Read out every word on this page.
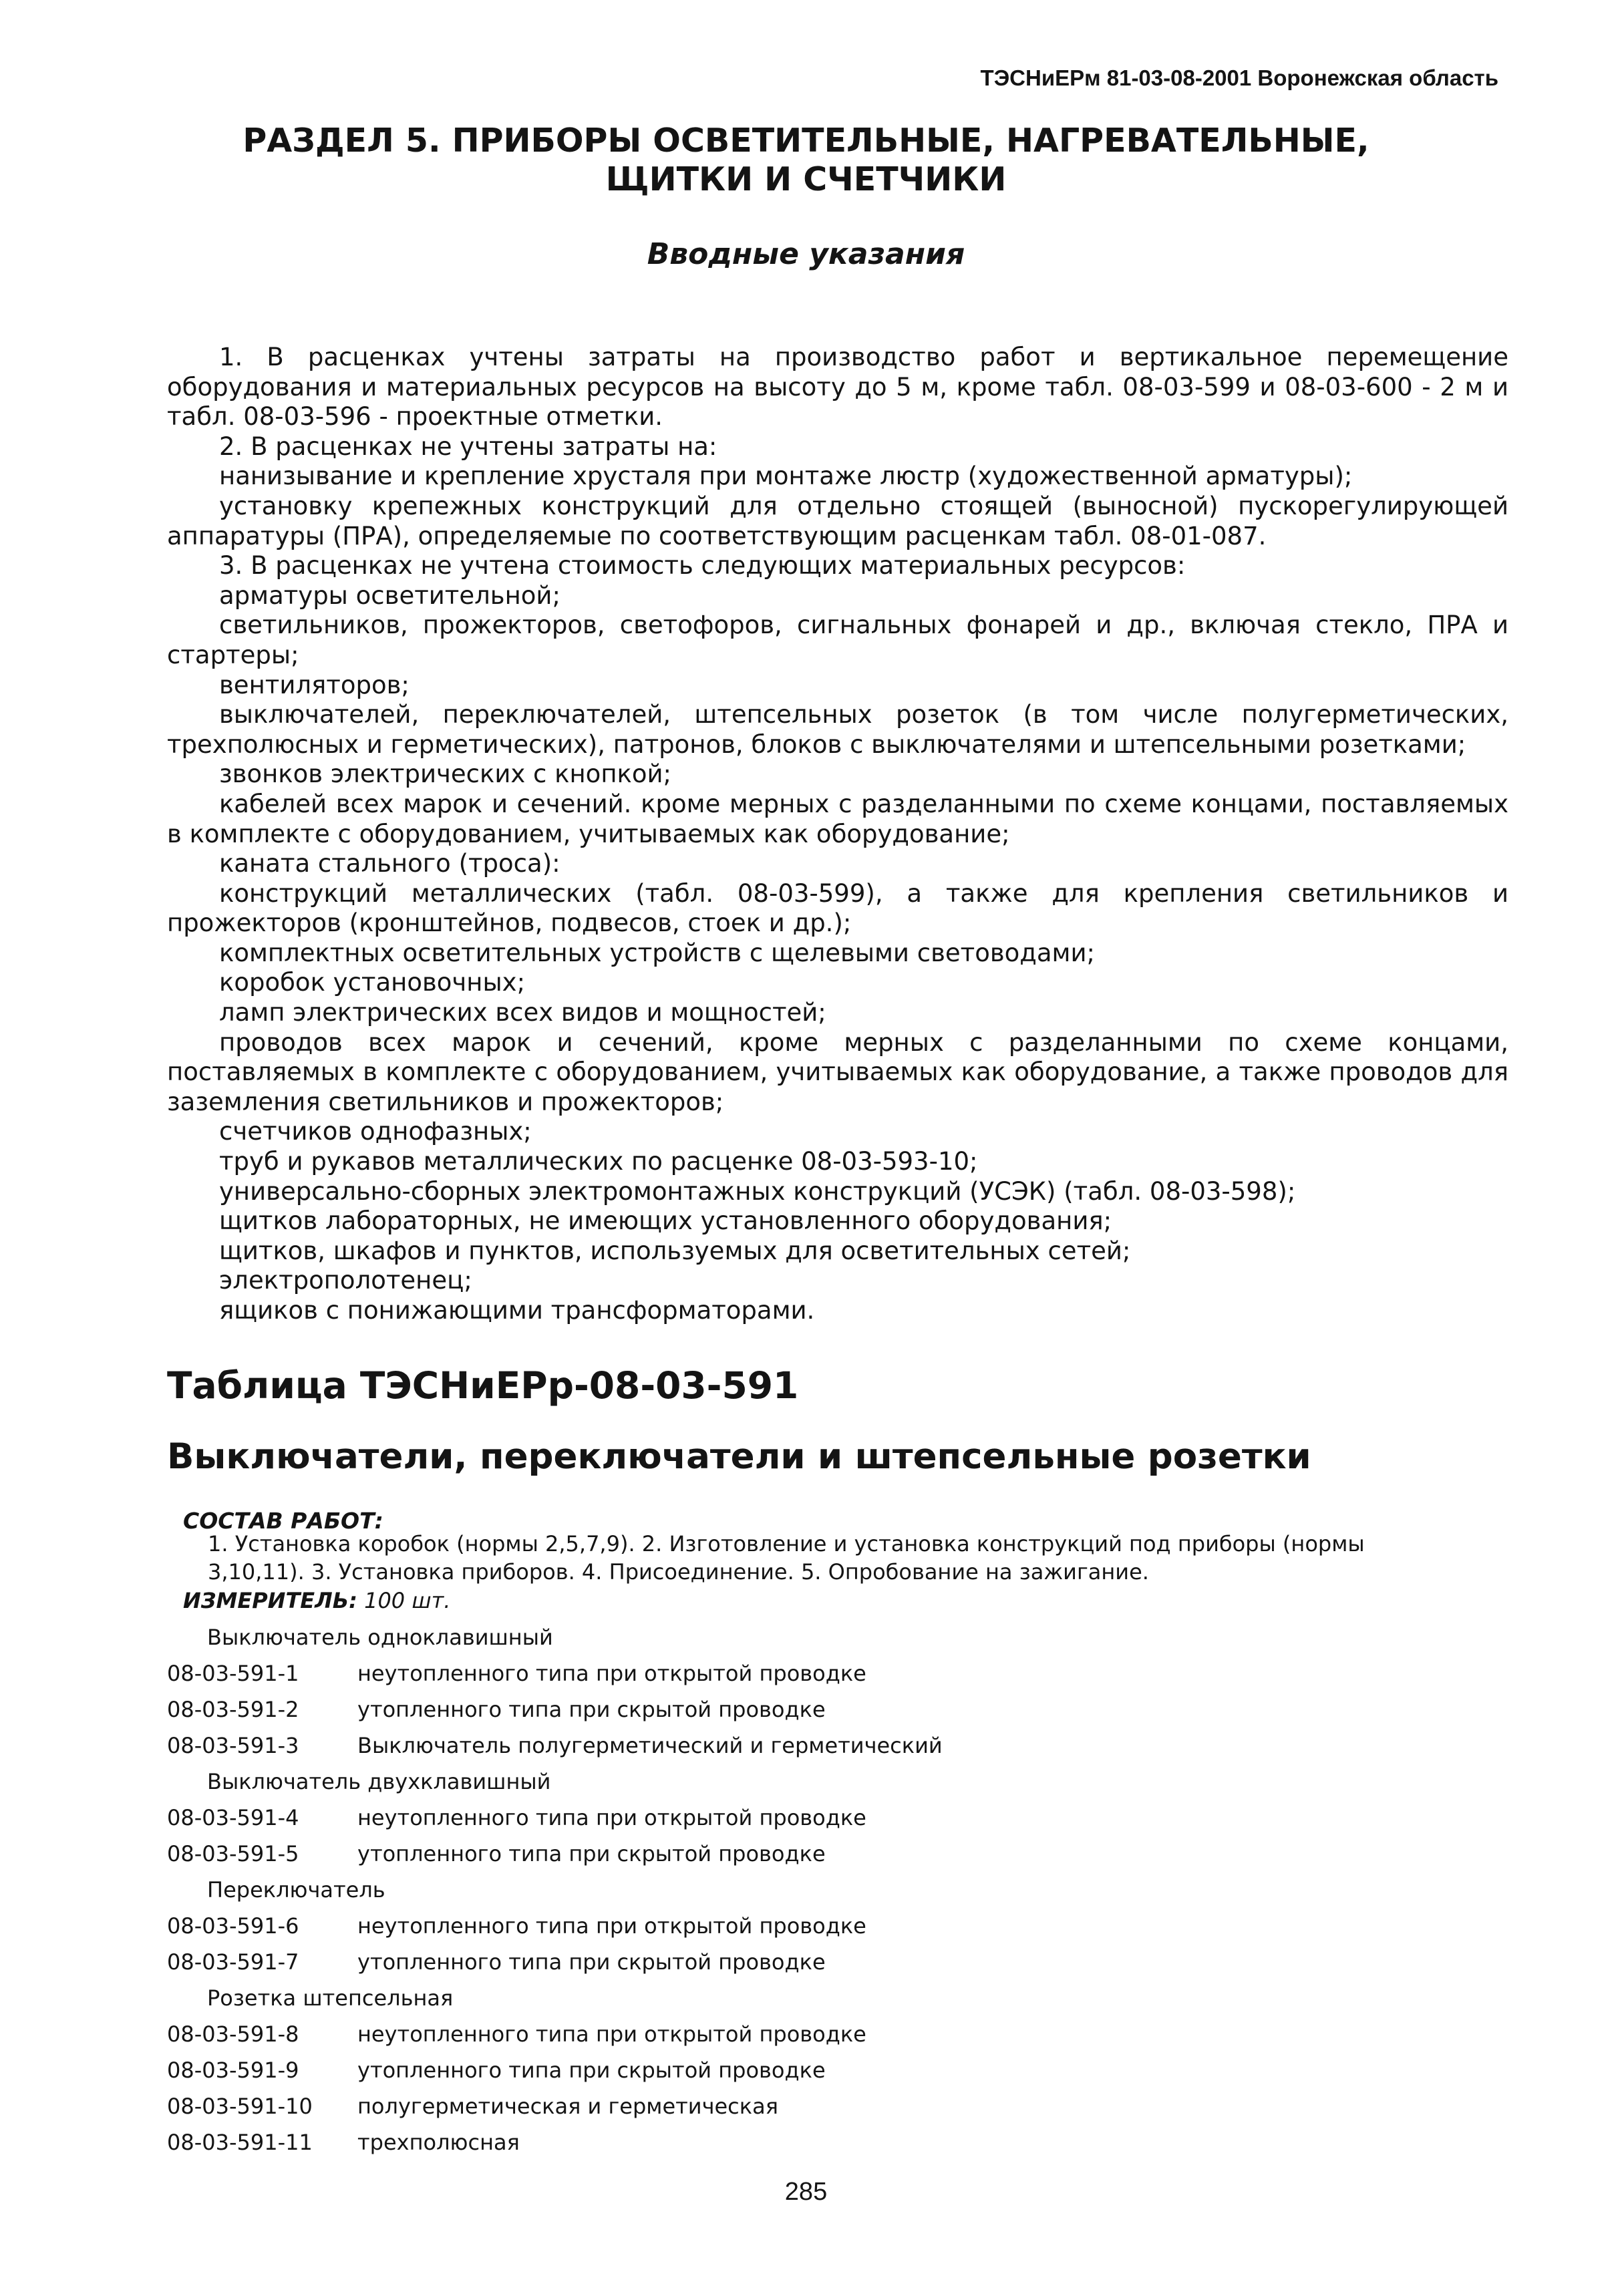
ТЭСНиЕРм 81-03-08-2001 Воронежская область
РАЗДЕЛ 5. ПРИБОРЫ ОСВЕТИТЕЛЬНЫЕ, НАГРЕВАТЕЛЬНЫЕ,
ЩИТКИ И СЧЕТЧИКИ
Вводные указания

1. В расценках учтены затраты на производство работ и вертикальное перемещение оборудования и материальных ресурсов на высоту до 5 м, кроме табл. 08-03-599 и 08-03-600 - 2 м и табл. 08-03-596 - проектные отметки.

2. В расценках не учтены затраты на:

нанизывание и крепление хрусталя при монтаже люстр (художественной арматуры);

установку крепежных конструкций для отдельно стоящей (выносной) пускорегулирующей аппаратуры (ПРА), определяемые по соответствующим расценкам табл. 08-01-087.

3. В расценках не учтена стоимость следующих материальных ресурсов:

арматуры осветительной;

светильников, прожекторов, светофоров, сигнальных фонарей и др., включая стекло, ПРА и стартеры;

вентиляторов;

выключателей, переключателей, штепсельных розеток (в том числе полугерметических, трехполюсных и герметических), патронов, блоков с выключателями и штепсельными розетками;

звонков электрических с кнопкой;

кабелей всех марок и сечений. кроме мерных с разделанными по схеме концами, поставляемых в комплекте с оборудованием, учитываемых как оборудование;

каната стального (троса):

конструкций металлических (табл. 08-03-599), а также для крепления светильников и прожекторов (кронштейнов, подвесов, стоек и др.);

комплектных осветительных устройств с щелевыми световодами;

коробок установочных;

ламп электрических всех видов и мощностей;

проводов всех марок и сечений, кроме мерных с разделанными по схеме концами, поставляемых в комплекте с оборудованием, учитываемых как оборудование, а также проводов для заземления светильников и прожекторов;

счетчиков однофазных;

труб и рукавов металлических по расценке 08-03-593-10;

универсально-сборных электромонтажных конструкций (УСЭК) (табл. 08-03-598);

щитков лабораторных, не имеющих установленного оборудования;

щитков, шкафов и пунктов, используемых для осветительных сетей;

электрополотенец;

ящиков с понижающими трансформаторами.

Таблица ТЭСНиЕРр-08-03-591
Выключатели, переключатели и штепсельные розетки
СОСТАВ РАБОТ:
1. Установка коробок (нормы 2,5,7,9). 2. Изготовление и установка конструкций под приборы (нормы 3,10,11). 3. Установка приборов. 4. Присоединение. 5. Опробование на зажигание.
ИЗМЕРИТЕЛЬ: 100 шт.
Выключатель одноклавишный
08-03-591-1	неутопленного типа при открытой проводке
08-03-591-2	утопленного типа при скрытой проводке
08-03-591-3	Выключатель полугерметический и герметический
Выключатель двухклавишный
08-03-591-4	неутопленного типа при открытой проводке
08-03-591-5	утопленного типа при скрытой проводке
Переключатель
08-03-591-6	неутопленного типа при открытой проводке
08-03-591-7	утопленного типа при скрытой проводке
Розетка штепсельная
08-03-591-8	неутопленного типа при открытой проводке
08-03-591-9	утопленного типа при скрытой проводке
08-03-591-10 полугерметическая и герметическая
08-03-591-11 трехполюсная
285
